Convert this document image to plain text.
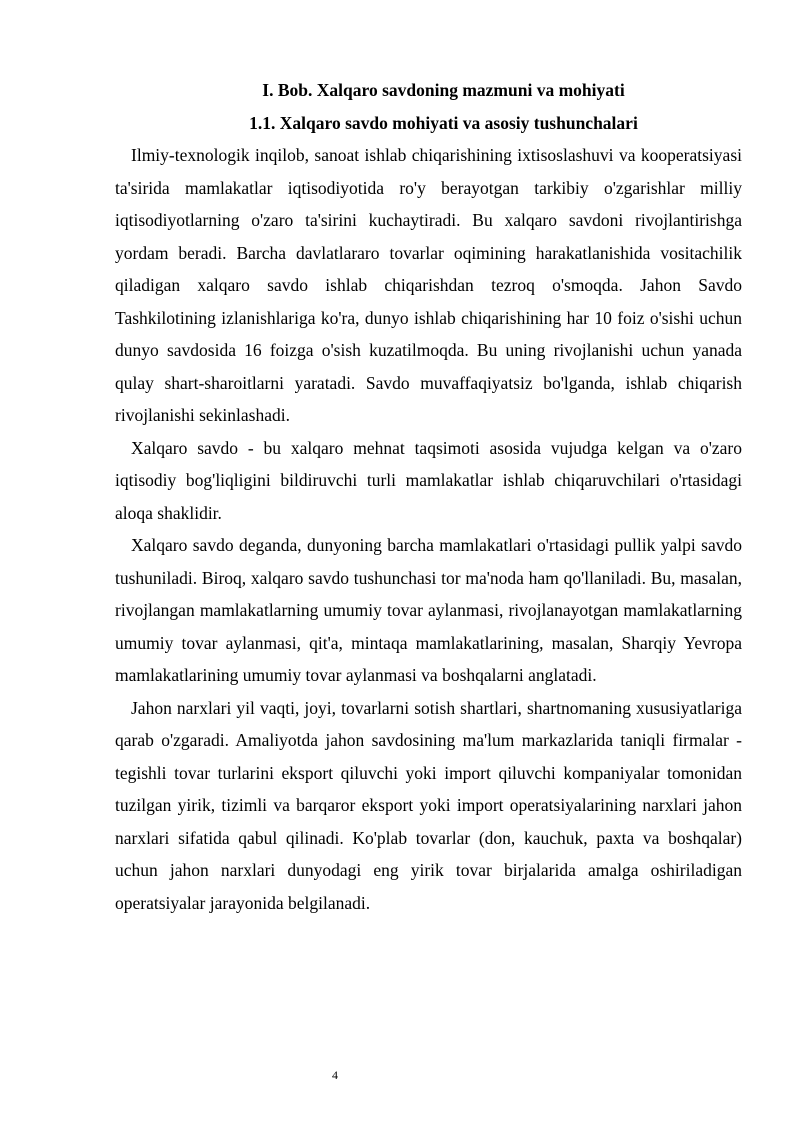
I. Bob. Xalqaro savdoning mazmuni va mohiyati
1.1. Xalqaro savdo mohiyati va asosiy tushunchalari

Ilmiy-texnologik inqilob, sanoat ishlab chiqarishining ixtisoslashuvi va kooperatsiyasi ta'sirida mamlakatlar iqtisodiyotida ro'y berayotgan tarkibiy o'zgarishlar milliy iqtisodiyotlarning o'zaro ta'sirini kuchaytiradi. Bu xalqaro savdoni rivojlantirishga yordam beradi. Barcha davlatlararo tovarlar oqimining harakatlanishida vositachilik qiladigan xalqaro savdo ishlab chiqarishdan tezroq o'smoqda. Jahon Savdo Tashkilotining izlanishlariga ko'ra, dunyo ishlab chiqarishining har 10 foiz o'sishi uchun dunyo savdosida 16 foizga o'sish kuzatilmoqda. Bu uning rivojlanishi uchun yanada qulay shart-sharoitlarni yaratadi. Savdo muvaffaqiyatsiz bo'lganda, ishlab chiqarish rivojlanishi sekinlashadi.

Xalqaro savdo - bu xalqaro mehnat taqsimoti asosida vujudga kelgan va o'zaro iqtisodiy bog'liqligini bildiruvchi turli mamlakatlar ishlab chiqaruvchilari o'rtasidagi aloqa shaklidir.

Xalqaro savdo deganda, dunyoning barcha mamlakatlari o'rtasidagi pullik yalpi savdo tushuniladi. Biroq, xalqaro savdo tushunchasi tor ma'noda ham qo'llaniladi. Bu, masalan, rivojlangan mamlakatlarning umumiy tovar aylanmasi, rivojlanayotgan mamlakatlarning umumiy tovar aylanmasi, qit'a, mintaqa mamlakatlarining, masalan, Sharqiy Yevropa mamlakatlarining umumiy tovar aylanmasi va boshqalarni anglatadi.

Jahon narxlari yil vaqti, joyi, tovarlarni sotish shartlari, shartnomaning xususiyatlariga qarab o'zgaradi. Amaliyotda jahon savdosining ma'lum markazlarida taniqli firmalar - tegishli tovar turlarini eksport qiluvchi yoki import qiluvchi kompaniyalar tomonidan tuzilgan yirik, tizimli va barqaror eksport yoki import operatsiyalarining narxlari jahon narxlari sifatida qabul qilinadi. Ko'plab tovarlar (don, kauchuk, paxta va boshqalar) uchun jahon narxlari dunyodagi eng yirik tovar birjalarida amalga oshiriladigan operatsiyalar jarayonida belgilanadi.

4
